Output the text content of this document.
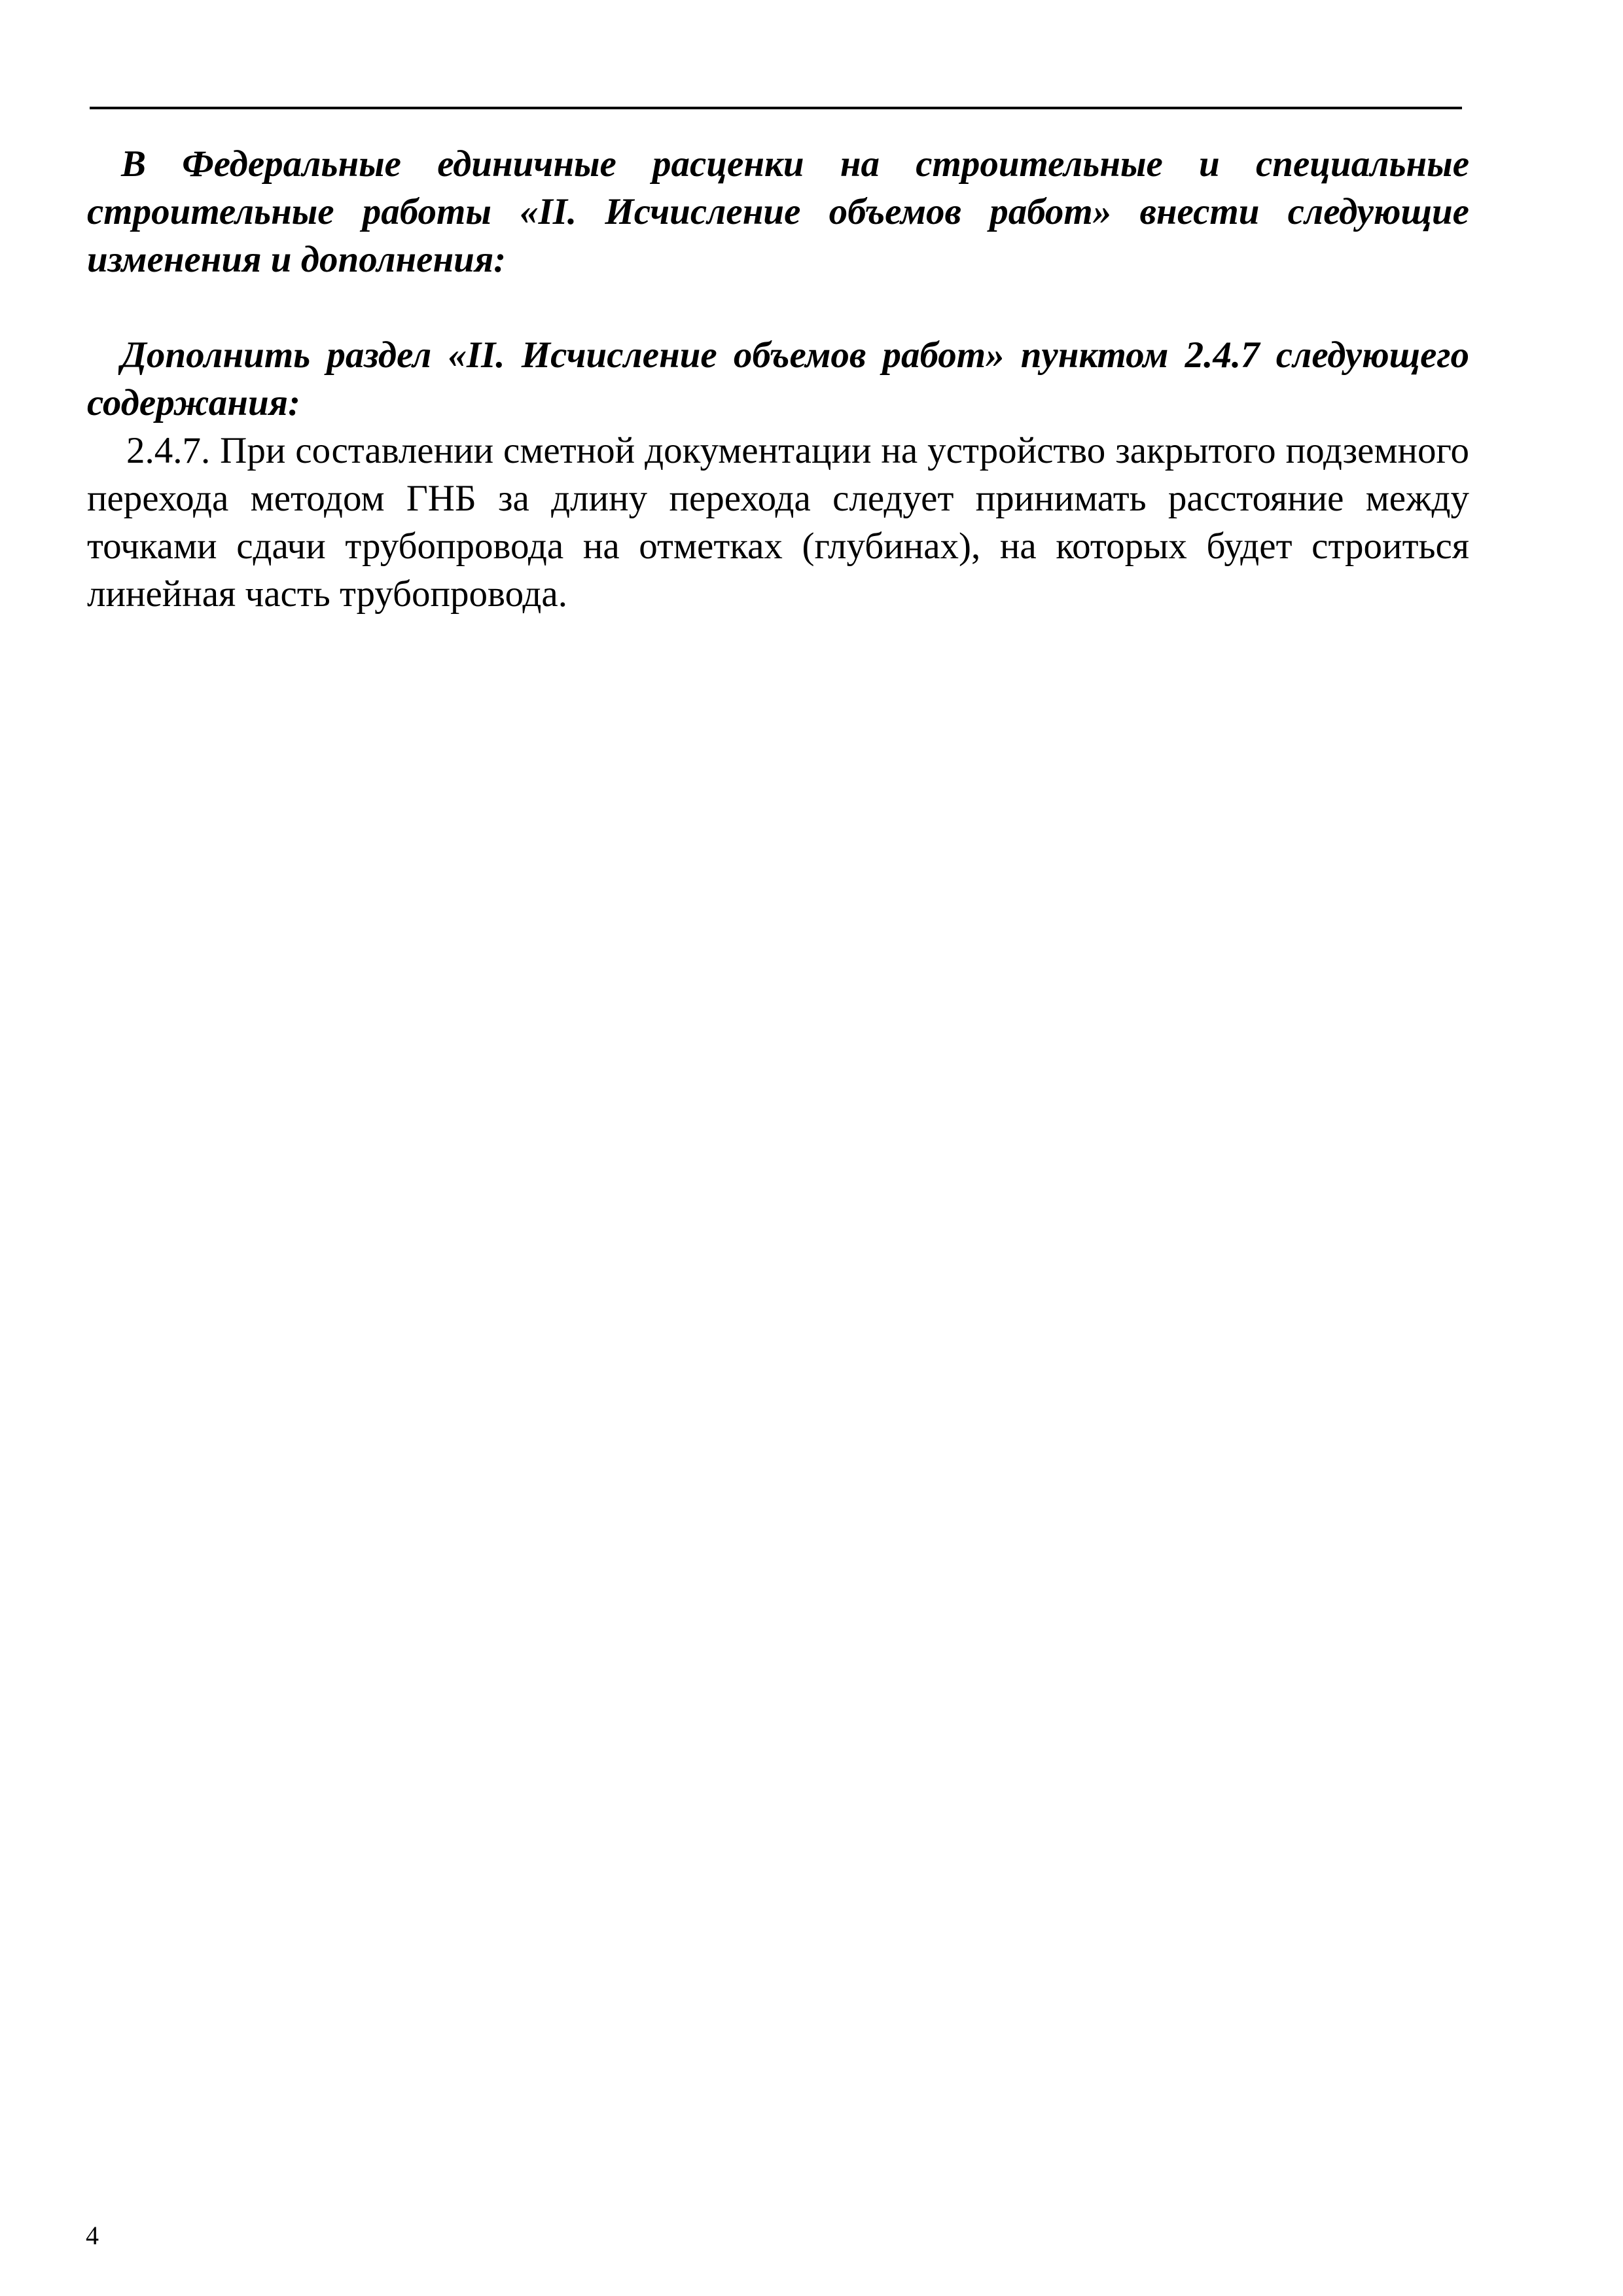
В Федеральные единичные расценки на строительные и специальные строительные работы «II. Исчисление объемов работ» внести следующие изменения и дополнения:

Дополнить раздел «II. Исчисление объемов работ» пунктом 2.4.7 следующего содержания:

2.4.7. При составлении сметной документации на устройство закрытого подземного перехода методом ГНБ за длину перехода следует принимать расстояние между точками сдачи трубопровода на отметках (глубинах), на которых будет строиться линейная часть трубопровода.

4
